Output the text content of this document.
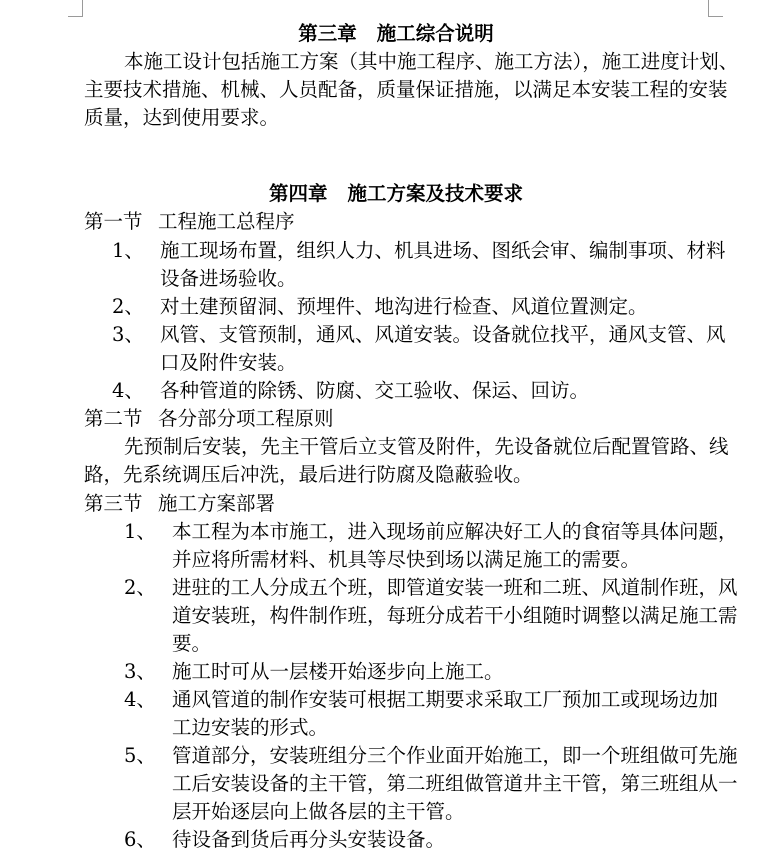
第三章 施工综合说明
本施工设计包括施工方案（其中施工程序、施工方法），施工进度计划、
主要技术措施、机械、人员配备，质量保证措施，以满足本安装工程的安装
质量，达到使用要求。
第四章 施工方案及技术要求
第一节 工程施工总程序
1、 施工现场布置，组织人力、机具进场、图纸会审、编制事项、材料
设备进场验收。
2、 对土建预留洞、预埋件、地沟进行检查、风道位置测定。
3、 风管、支管预制，通风、风道安装。设备就位找平，通风支管、风
口及附件安装。
4、 各种管道的除锈、防腐、交工验收、保运、回访。
第二节 各分部分项工程原则
先预制后安装，先主干管后立支管及附件，先设备就位后配置管路、线
路，先系统调压后冲洗，最后进行防腐及隐蔽验收。
第三节 施工方案部署
1、 本工程为本市施工，进入现场前应解决好工人的食宿等具体问题，
并应将所需材料、机具等尽快到场以满足施工的需要。
2、 进驻的工人分成五个班，即管道安装一班和二班、风道制作班，风
道安装班，构件制作班，每班分成若干小组随时调整以满足施工需
要。
3、 施工时可从一层楼开始逐步向上施工。
4、 通风管道的制作安装可根据工期要求采取工厂预加工或现场边加
工边安装的形式。
5、 管道部分，安装班组分三个作业面开始施工，即一个班组做可先施
工后安装设备的主干管，第二班组做管道井主干管，第三班组从一
层开始逐层向上做各层的主干管。
6、 待设备到货后再分头安装设备。
